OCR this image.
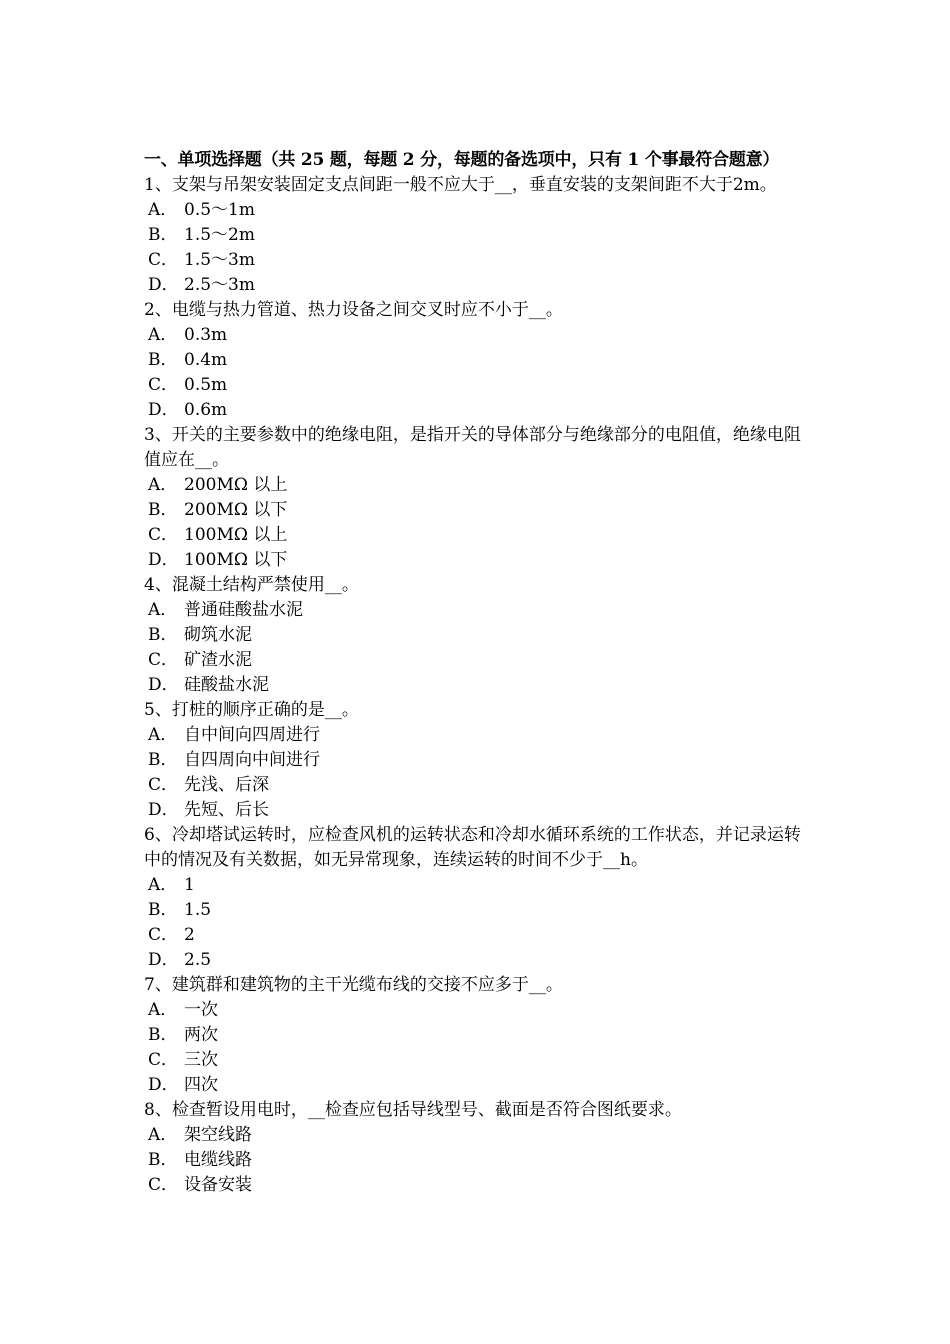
一、单项选择题（共 25 题，每题 2 分，每题的备选项中，只有 1 个事最符合题意）
1、支架与吊架安装固定支点间距一般不应大于__，垂直安装的支架间距不大于2m。
A． 0.5～1m
B． 1.5～2m
C． 1.5～3m
D． 2.5～3m
2、电缆与热力管道、热力设备之间交叉时应不小于__。
A． 0.3m
B． 0.4m
C． 0.5m
D． 0.6m
3、开关的主要参数中的绝缘电阻，是指开关的导体部分与绝缘部分的电阻值，绝缘电阻值应在__。
A． 200MΩ 以上
B． 200MΩ 以下
C． 100MΩ 以上
D． 100MΩ 以下
4、混凝土结构严禁使用__。
A． 普通硅酸盐水泥
B． 砌筑水泥
C． 矿渣水泥
D． 硅酸盐水泥
5、打桩的顺序正确的是__。
A． 自中间向四周进行
B． 自四周向中间进行
C． 先浅、后深
D． 先短、后长
6、冷却塔试运转时，应检查风机的运转状态和冷却水循环系统的工作状态，并记录运转中的情况及有关数据，如无异常现象，连续运转的时间不少于__h。
A． 1
B． 1.5
C． 2
D． 2.5
7、建筑群和建筑物的主干光缆布线的交接不应多于__。
A． 一次
B． 两次
C． 三次
D． 四次
8、检查暂设用电时，__检查应包括导线型号、截面是否符合图纸要求。
A． 架空线路
B． 电缆线路
C． 设备安装
